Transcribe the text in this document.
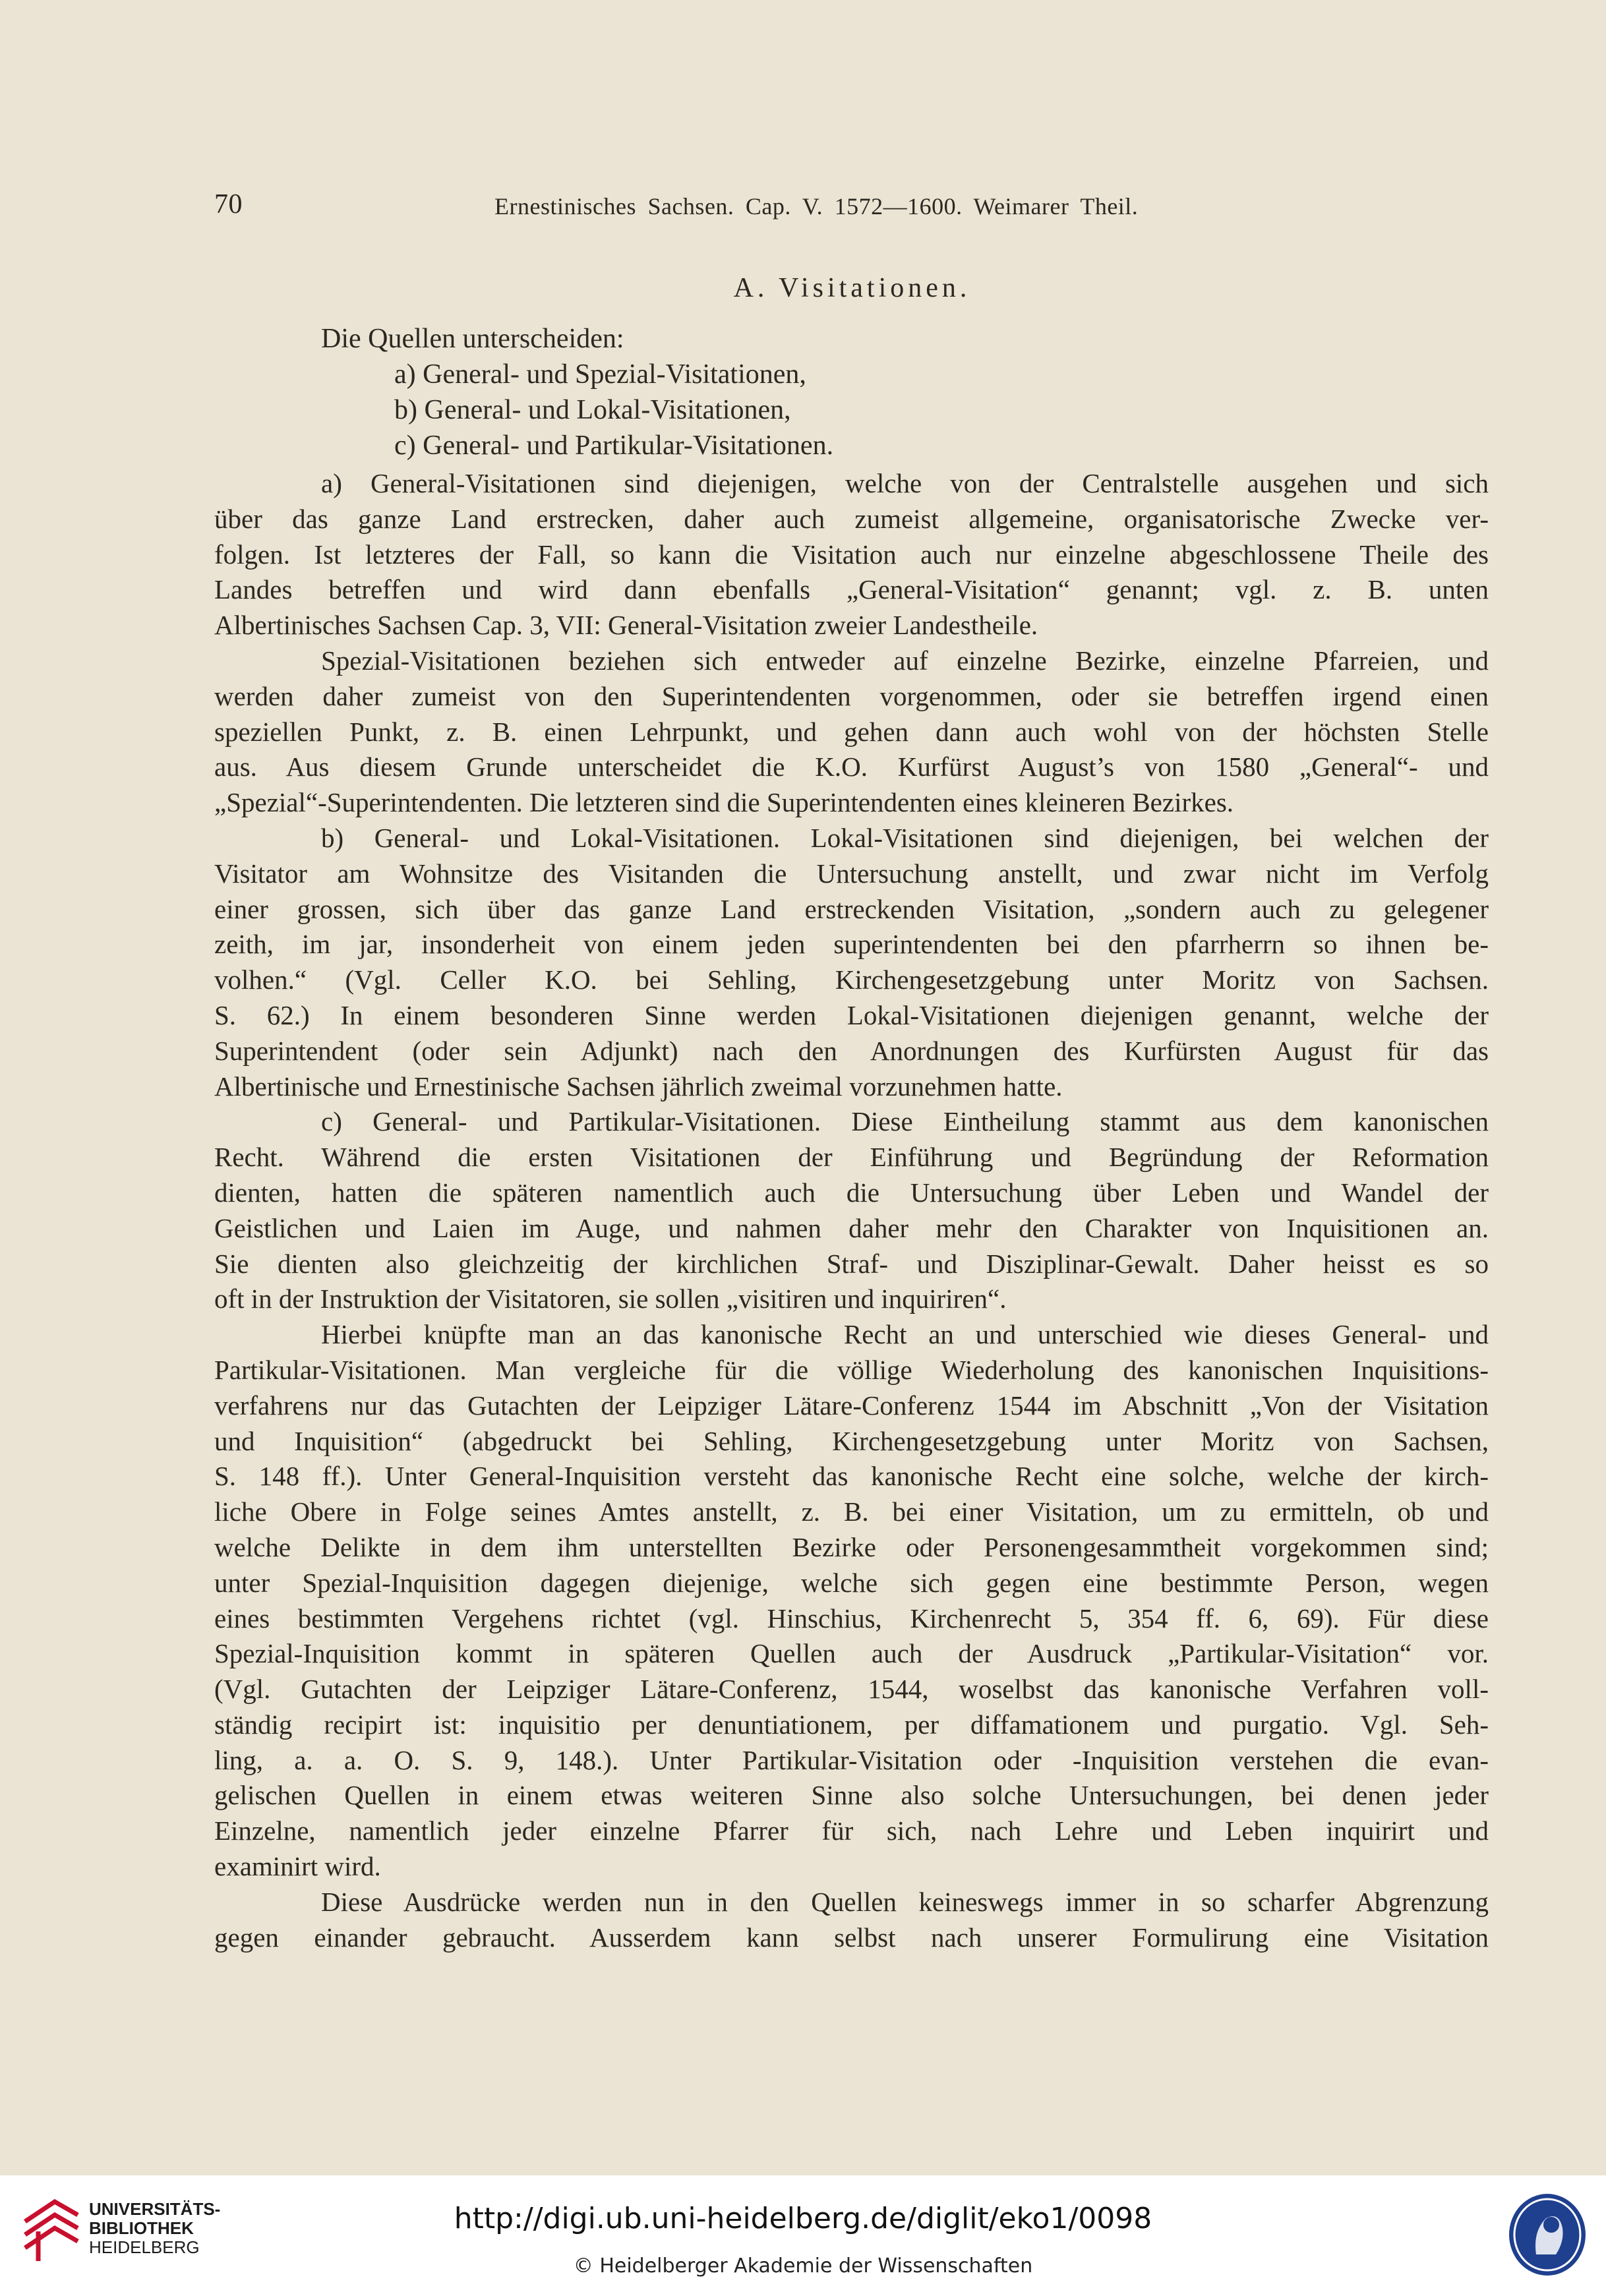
70	Ernestinisches Sachsen. Cap. V. 1572—1600. Weimarer Theil.
A. Visitationen.
Die Quellen unterscheiden:
a) General- und Spezial-Visitationen,
b) General- und Lokal-Visitationen,
c) General- und Partikular-Visitationen.
a) General-Visitationen sind diejenigen, welche von der Centralstelle ausgehen und sich
über das ganze Land erstrecken, daher auch zumeist allgemeine, organisatorische Zwecke ver-
folgen. Ist letzteres der Fall, so kann die Visitation auch nur einzelne abgeschlossene Theile des
Landes betreffen und wird dann ebenfalls „General-Visitation“ genannt; vgl. z. B. unten
Albertinisches Sachsen Cap. 3, VII: General-Visitation zweier Landestheile.
Spezial-Visitationen beziehen sich entweder auf einzelne Bezirke, einzelne Pfarreien, und
werden daher zumeist von den Superintendenten vorgenommen, oder sie betreffen irgend einen
speziellen Punkt, z. B. einen Lehrpunkt, und gehen dann auch wohl von der höchsten Stelle
aus. Aus diesem Grunde unterscheidet die K.O. Kurfürst August’s von 1580 „General“- und
„Spezial“-Superintendenten. Die letzteren sind die Superintendenten eines kleineren Bezirkes.
b) General- und Lokal-Visitationen. Lokal-Visitationen sind diejenigen, bei welchen der
Visitator am Wohnsitze des Visitanden die Untersuchung anstellt, und zwar nicht im Verfolg
einer grossen, sich über das ganze Land erstreckenden Visitation, „sondern auch zu gelegener
zeith, im jar, insonderheit von einem jeden superintendenten bei den pfarrherrn so ihnen be-
volhen.“ (Vgl. Celler K.O. bei Sehling, Kirchengesetzgebung unter Moritz von Sachsen.
S. 62.) In einem besonderen Sinne werden Lokal-Visitationen diejenigen genannt, welche der
Superintendent (oder sein Adjunkt) nach den Anordnungen des Kurfürsten August für das
Albertinische und Ernestinische Sachsen jährlich zweimal vorzunehmen hatte.
c) General- und Partikular-Visitationen. Diese Eintheilung stammt aus dem kanonischen
Recht. Während die ersten Visitationen der Einführung und Begründung der Reformation
dienten, hatten die späteren namentlich auch die Untersuchung über Leben und Wandel der
Geistlichen und Laien im Auge, und nahmen daher mehr den Charakter von Inquisitionen an.
Sie dienten also gleichzeitig der kirchlichen Straf- und Disziplinar-Gewalt. Daher heisst es so
oft in der Instruktion der Visitatoren, sie sollen „visitiren und inquiriren“.
Hierbei knüpfte man an das kanonische Recht an und unterschied wie dieses General- und
Partikular-Visitationen. Man vergleiche für die völlige Wiederholung des kanonischen Inquisitions-
verfahrens nur das Gutachten der Leipziger Lätare-Conferenz 1544 im Abschnitt „Von der Visitation
und Inquisition“ (abgedruckt bei Sehling, Kirchengesetzgebung unter Moritz von Sachsen,
S. 148 ff.). Unter General-Inquisition versteht das kanonische Recht eine solche, welche der kirch-
liche Obere in Folge seines Amtes anstellt, z. B. bei einer Visitation, um zu ermitteln, ob und
welche Delikte in dem ihm unterstellten Bezirke oder Personengesammtheit vorgekommen sind;
unter Spezial-Inquisition dagegen diejenige, welche sich gegen eine bestimmte Person, wegen
eines bestimmten Vergehens richtet (vgl. Hinschius, Kirchenrecht 5, 354 ff. 6, 69). Für diese
Spezial-Inquisition kommt in späteren Quellen auch der Ausdruck „Partikular-Visitation“ vor.
(Vgl. Gutachten der Leipziger Lätare-Conferenz, 1544, woselbst das kanonische Verfahren voll-
ständig recipirt ist: inquisitio per denuntiationem, per diffamationem und purgatio. Vgl. Seh-
ling, a. a. O. S. 9, 148.). Unter Partikular-Visitation oder -Inquisition verstehen die evan-
gelischen Quellen in einem etwas weiteren Sinne also solche Untersuchungen, bei denen jeder
Einzelne, namentlich jeder einzelne Pfarrer für sich, nach Lehre und Leben inquirirt und
examinirt wird.
Diese Ausdrücke werden nun in den Quellen keineswegs immer in so scharfer Abgrenzung
gegen einander gebraucht. Ausserdem kann selbst nach unserer Formulirung eine Visitation
UNIVERSITÄTS-
BIBLIOTHEK
HEIDELBERG
http://digi.ub.uni-heidelberg.de/diglit/eko1/0098
© Heidelberger Akademie der Wissenschaften
